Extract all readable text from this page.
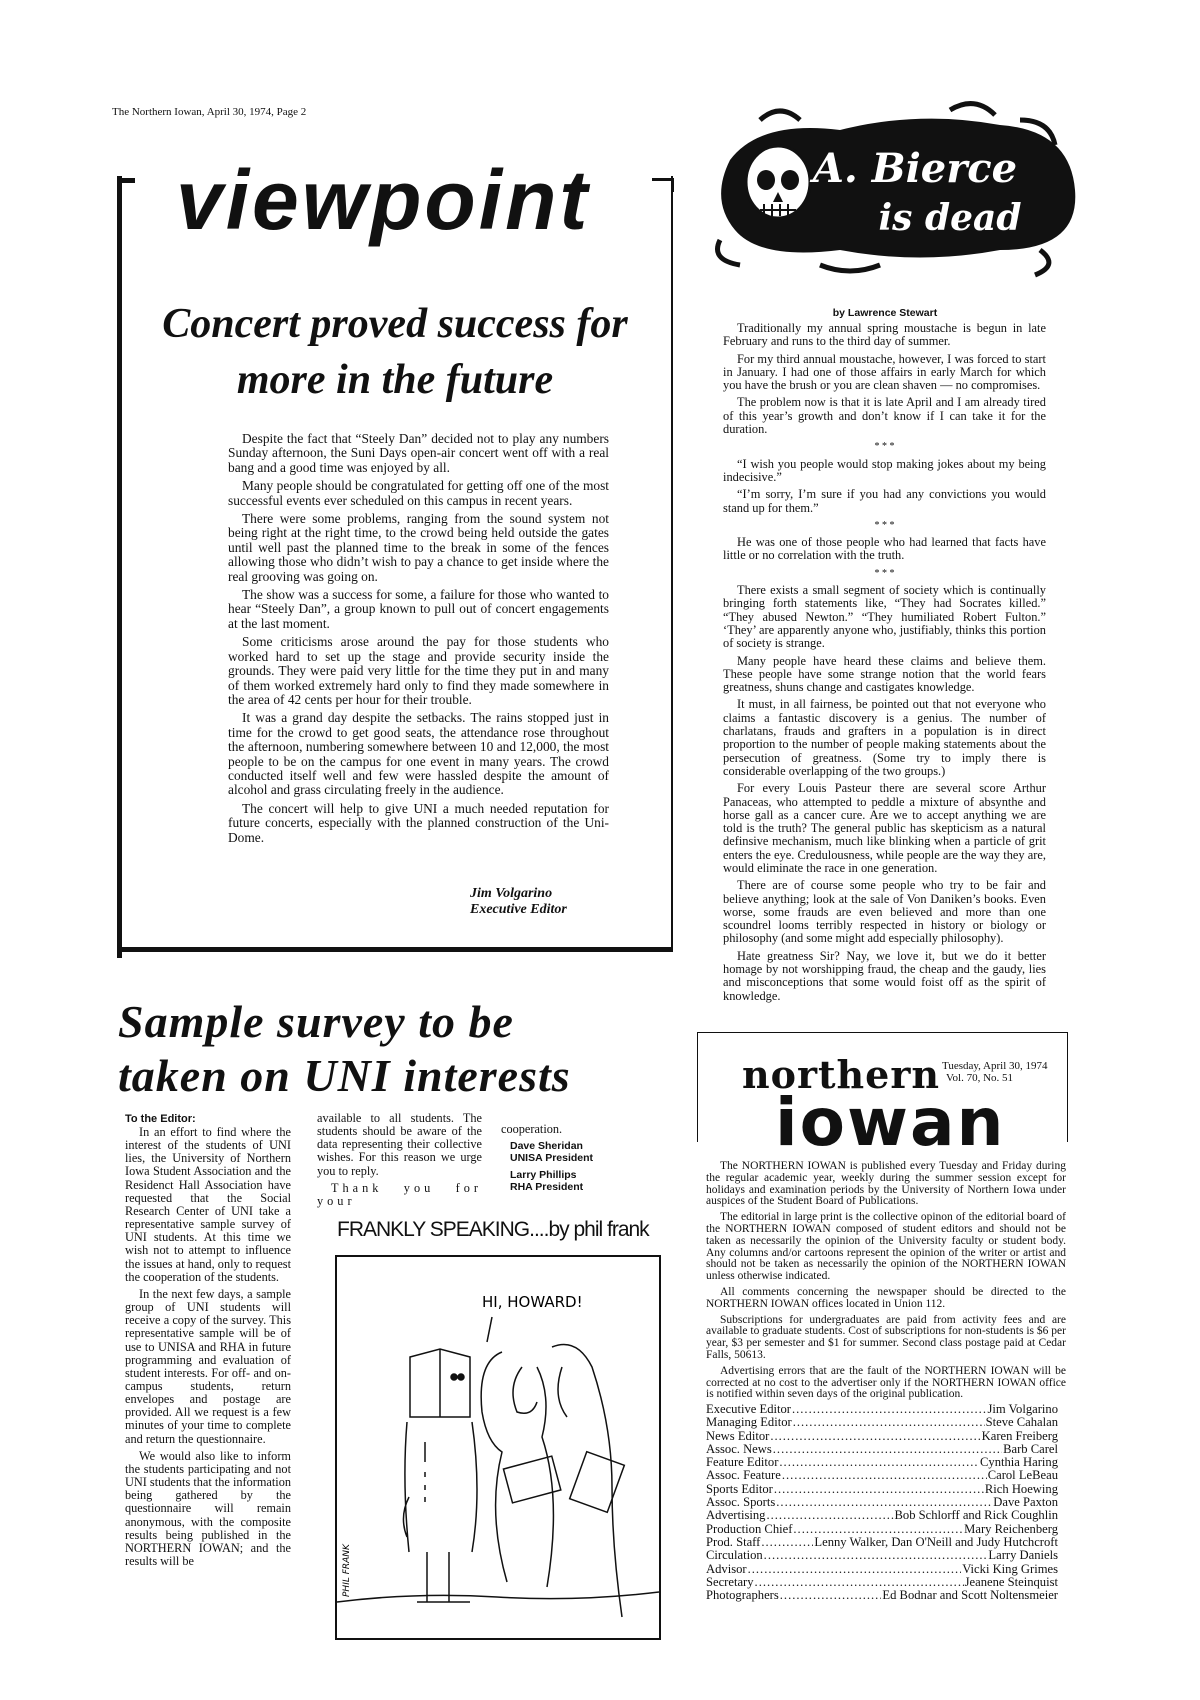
The Northern Iowan, April 30, 1974, Page 2
viewpoint
Concert proved success for more in the future

Despite the fact that “Steely Dan” decided not to play any numbers Sunday afternoon, the Suni Days open-air concert went off with a real bang and a good time was enjoyed by all.

Many people should be congratulated for getting off one of the most successful events ever scheduled on this campus in recent years.

There were some problems, ranging from the sound system not being right at the right time, to the crowd being held outside the gates until well past the planned time to the break in some of the fences allowing those who didn’t wish to pay a chance to get inside where the real grooving was going on.

The show was a success for some, a failure for those who wanted to hear “Steely Dan”, a group known to pull out of concert engagements at the last moment.

Some criticisms arose around the pay for those students who worked hard to set up the stage and provide security inside the grounds. They were paid very little for the time they put in and many of them worked extremely hard only to find they made somewhere in the area of 42 cents per hour for their trouble.

It was a grand day despite the setbacks. The rains stopped just in time for the crowd to get good seats, the attendance rose throughout the afternoon, numbering somewhere between 10 and 12,000, the most people to be on the campus for one event in many years. The crowd conducted itself well and few were hassled despite the amount of alcohol and grass circulating freely in the audience.

The concert will help to give UNI a much needed reputation for future concerts, especially with the planned construction of the Uni-Dome.

Jim Volgarino
Executive Editor
A. Bierce
is dead
by Lawrence Stewart

Traditionally my annual spring moustache is begun in late February and runs to the third day of summer.

For my third annual moustache, however, I was forced to start in January. I had one of those affairs in early March for which you have the brush or you are clean shaven — no compromises.

The problem now is that it is late April and I am already tired of this year’s growth and don’t know if I can take it for the duration.

* * *

“I wish you people would stop making jokes about my being indecisive.”

“I’m sorry, I’m sure if you had any convictions you would stand up for them.”

* * *

He was one of those people who had learned that facts have little or no correlation with the truth.

* * *

There exists a small segment of society which is continually bringing forth statements like, “They had Socrates killed.” “They abused Newton.” “They humiliated Robert Fulton.” ‘They’ are apparently anyone who, justifiably, thinks this portion of society is strange.

Many people have heard these claims and believe them. These people have some strange notion that the world fears greatness, shuns change and castigates knowledge.

It must, in all fairness, be pointed out that not everyone who claims a fantastic discovery is a genius. The number of charlatans, frauds and grafters in a population is in direct proportion to the number of people making statements about the persecution of greatness. (Some try to imply there is considerable overlapping of the two groups.)

For every Louis Pasteur there are several score Arthur Panaceas, who attempted to peddle a mixture of absynthe and horse gall as a cancer cure. Are we to accept anything we are told is the truth? The general public has skepticism as a natural definsive mechanism, much like blinking when a particle of grit enters the eye. Credulousness, while people are the way they are, would eliminate the race in one generation.

There are of course some people who try to be fair and believe anything; look at the sale of Von Daniken’s books. Even worse, some frauds are even believed and more than one scoundrel looms terribly respected in history or biology or philosophy (and some might add especially philosophy).

Hate greatness Sir? Nay, we love it, but we do it better homage by not worshipping fraud, the cheap and the gaudy, lies and misconceptions that some would foist off as the spirit of knowledge.

northern
iowan
Tuesday, April 30, 1974
Vol. 70, No. 51

The NORTHERN IOWAN is published every Tuesday and Friday during the regular academic year, weekly during the summer session except for holidays and examination periods by the University of Northern Iowa under auspices of the Student Board of Publications.

The editorial in large print is the collective opinon of the editorial board of the NORTHERN IOWAN composed of student editors and should not be taken as necessarily the opinion of the University faculty or student body. Any columns and/or cartoons represent the opinion of the writer or artist and should not be taken as necessarily the opinion of the NORTHERN IOWAN unless otherwise indicated.

All comments concerning the newspaper should be directed to the NORTHERN IOWAN offices located in Union 112.

Subscriptions for undergraduates are paid from activity fees and are available to graduate students. Cost of subscriptions for non-students is $6 per year, $3 per semester and $1 for summer. Second class postage paid at Cedar Falls, 50613.

Advertising errors that are the fault of the NORTHERN IOWAN will be corrected at no cost to the advertiser only if the NORTHERN IOWAN office is notified within seven days of the original publication.

Executive Editor .....	Jim Volgarino
Managing Editor .....	Steve Cahalan
News Editor .....	Karen Freiberg
Assoc. News .....	Barb Carel
Feature Editor .....	Cynthia Haring
Assoc. Feature .....	Carol LeBeau
Sports Editor .....	Rich Hoewing
Assoc. Sports .....	Dave Paxton
Advertising .....	Bob Schlorff and Rick Coughlin
Production Chief .....	Mary Reichenberg
Prod. Staff .....	Lenny Walker, Dan O'Neill and Judy Hutchcroft
Circulation .....	Larry Daniels
Advisor .....	Vicki King Grimes
Secretary .....	Jeanene Steinquist
Photographers .....	Ed Bodnar and Scott Noltensmeier
Sample survey to be taken on UNI interests
To the Editor:

In an effort to find where the interest of the students of UNI lies, the University of Northern Iowa Student Association and the Residenct Hall Association have requested that the Social Research Center of UNI take a representative sample survey of UNI students. At this time we wish not to attempt to influence the issues at hand, only to request the cooperation of the students.

In the next few days, a sample group of UNI students will receive a copy of the survey. This representative sample will be of use to UNISA and RHA in future programming and evaluation of student interests. For off- and on-campus students, return envelopes and postage are provided. All we request is a few minutes of your time to complete and return the questionnaire.

We would also like to inform the students participating and not UNI students that the information being gathered by the questionnaire will remain anonymous, with the composite results being published in the NORTHERN IOWAN; and the results will be

available to all students. The students should be aware of the data representing their collective wishes. For this reason we urge you to reply.

Thank you for your

cooperation.
Dave Sheridan
UNISA President
Larry Phillips
RHA President
FRANKLY SPEAKING....by phil frank
HI, HOWARD!
PHIL FRANK
